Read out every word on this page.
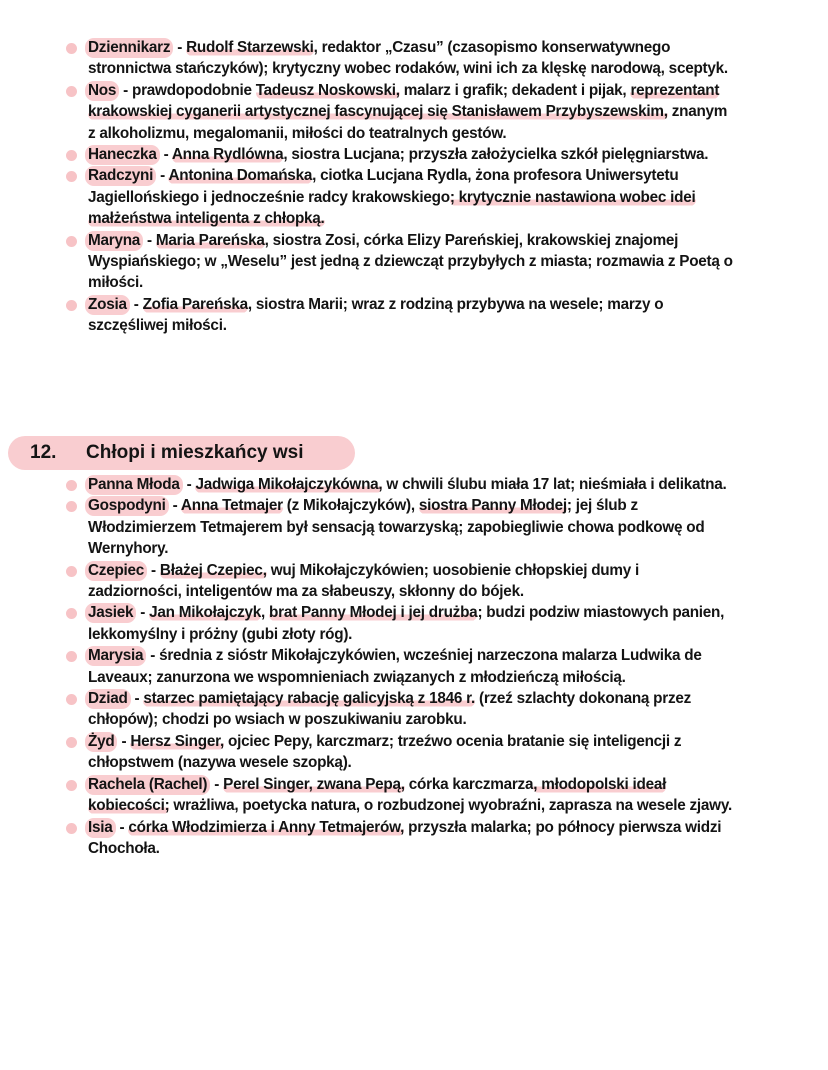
Dziennikarz - Rudolf Starzewski, redaktor „Czasu” (czasopismo konserwatywnego stronnictwa stańczyków); krytyczny wobec rodaków, wini ich za klęskę narodową, sceptyk.
Nos - prawdopodobnie Tadeusz Noskowski, malarz i grafik; dekadent i pijak, reprezentant krakowskiej cyganerii artystycznej fascynującej się Stanisławem Przybyszewskim, znanym z alkoholizmu, megalomanii, miłości do teatralnych gestów.
Haneczka - Anna Rydlówna, siostra Lucjana; przyszła założycielka szkół pielęgniarstwa.
Radczyni - Antonina Domańska, ciotka Lucjana Rydla, żona profesora Uniwersytetu Jagiellońskiego i jednocześnie radcy krakowskiego; krytycznie nastawiona wobec idei małżeństwa inteligenta z chłopką.
Maryna - Maria Pareńska, siostra Zosi, córka Elizy Pareńskiej, krakowskiej znajomej Wyspiańskiego; w „Weselu” jest jedną z dziewcząt przybyłych z miasta; rozmawia z Poetą o miłości.
Zosia - Zofia Pareńska, siostra Marii; wraz z rodziną przybywa na wesele; marzy o szczęśliwej miłości.
12.	Chłopi i mieszkańcy wsi
Panna Młoda - Jadwiga Mikołajczykówna, w chwili ślubu miała 17 lat; nieśmiała i delikatna.
Gospodyni - Anna Tetmajer (z Mikołajczyków), siostra Panny Młodej; jej ślub z Włodzimierzem Tetmajerem był sensacją towarzyską; zapobiegliwie chowa podkowę od Wernyhory.
Czepiec - Błażej Czepiec, wuj Mikołajczykówien; uosobienie chłopskiej dumy i zadziorności, inteligentów ma za słabeuszy, skłonny do bójek.
Jasiek - Jan Mikołajczyk, brat Panny Młodej i jej drużba; budzi podziw miastowych panien, lekkomyślny i próżny (gubi złoty róg).
Marysia - średnia z sióstr Mikołajczykówien, wcześniej narzeczona malarza Ludwika de Laveaux; zanurzona we wspomnieniach związanych z młodzieńczą miłością.
Dziad - starzec pamiętający rabację galicyjską z 1846 r. (rzeź szlachty dokonaną przez chłopów); chodzi po wsiach w poszukiwaniu zarobku.
Żyd - Hersz Singer, ojciec Pepy, karczmarz; trzeźwo ocenia bratanie się inteligencji z chłopstwem (nazywa wesele szopką).
Rachela (Rachel) - Perel Singer, zwana Pepą, córka karczmarza, młodopolski ideał kobiecości; wrażliwa, poetycka natura, o rozbudzonej wyobraźni, zaprasza na wesele zjawy.
Isia - córka Włodzimierza i Anny Tetmajerów, przyszła malarka; po północy pierwsza widzi Chochoła.
